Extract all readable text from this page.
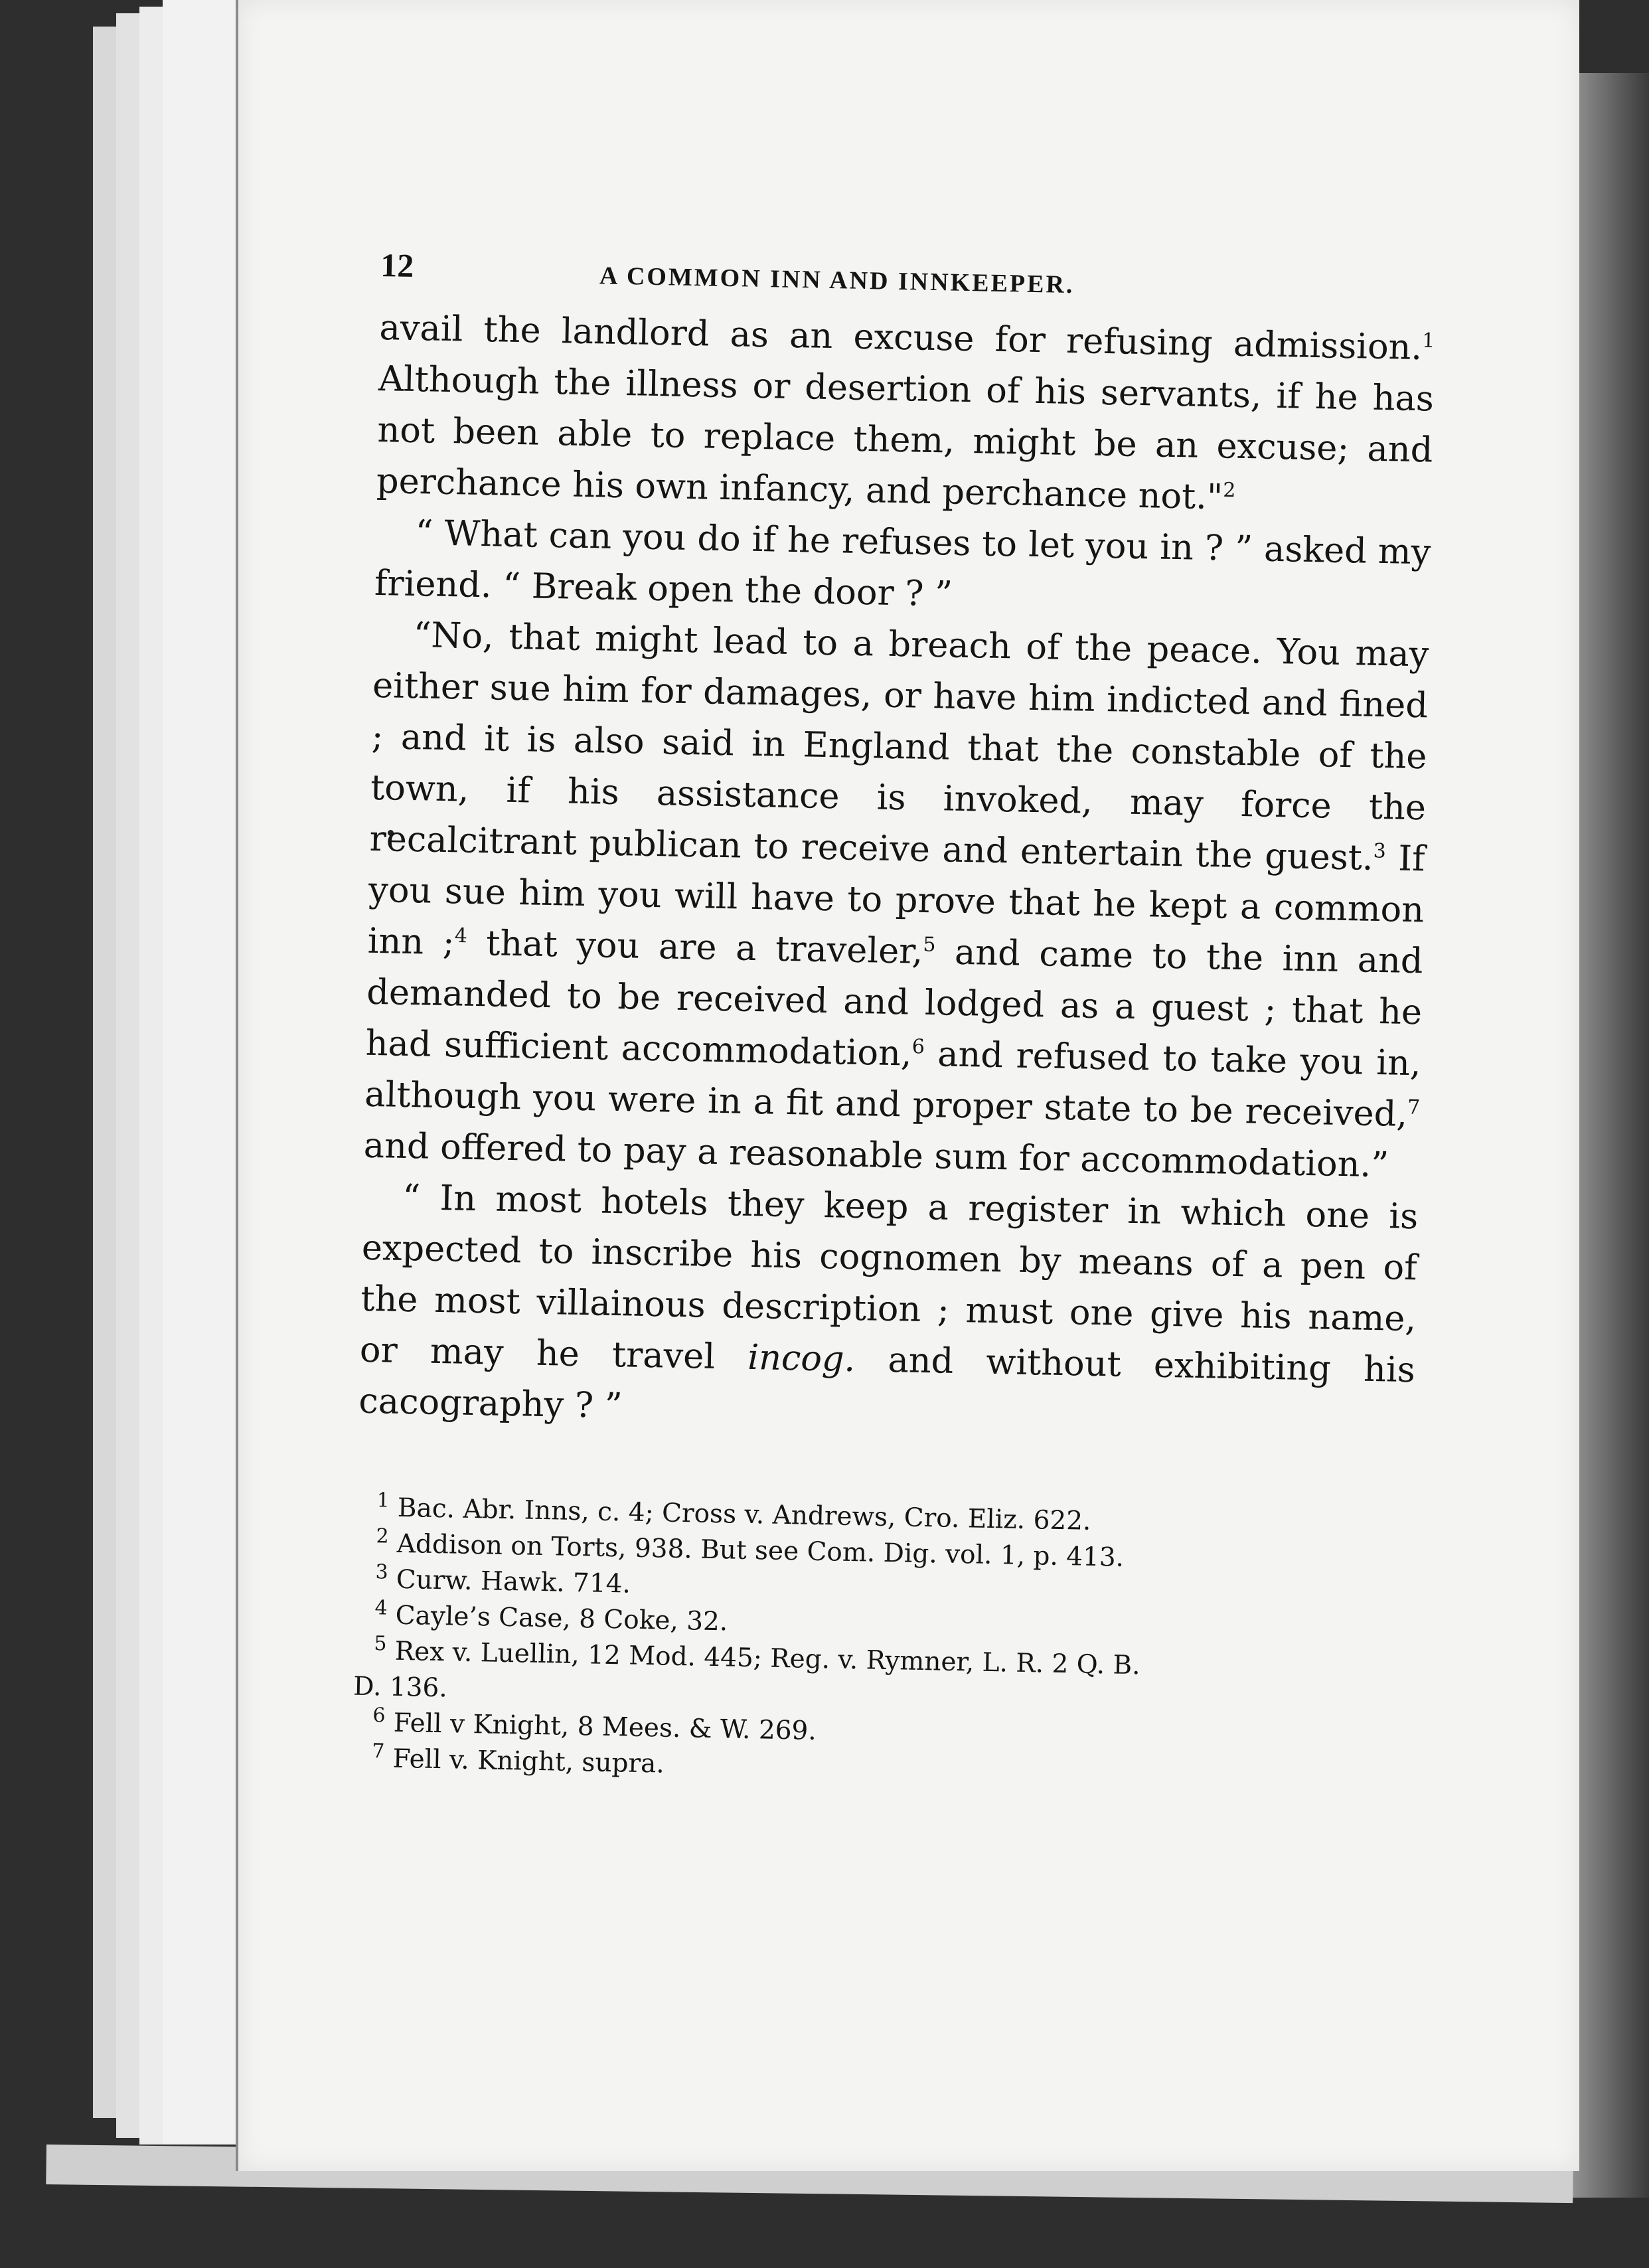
12	A COMMON INN AND INNKEEPER.

avail the landlord as an excuse for refusing admission.$^1$ Although the illness or desertion of his servants, if he has not been able to replace them, might be an excuse; and perchance his own infancy, and perchance not."$^2$

“ What can you do if he refuses to let you in ? ” asked my friend. “ Break open the door ? ”

“No, that might lead to a breach of the peace. You may either sue him for damages, or have him indicted and fined ; and it is also said in England that the constable of the town, if his assistance is invoked, may force the recalcitrant publican to receive and entertain the guest.$^3$ If you sue him you will have to prove that he kept a common inn ;$^4$ that you are a traveler,$^5$ and came to the inn and demanded to be received and lodged as a guest ; that he had sufficient accommodation,$^6$ and refused to take you in, although you were in a fit and proper state to be received,$^7$ and offered to pay a reasonable sum for accommodation.”

“ In most hotels they keep a register in which one is expected to inscribe his cognomen by means of a pen of the most villainous description ; must one give his name, or may he travel incog. and without exhibiting his cacography ? ”

$^1$ Bac. Abr. Inns, c. 4; Cross v. Andrews, Cro. Eliz. 622.

$^2$ Addison on Torts, 938. But see Com. Dig. vol. 1, p. 413.

$^3$ Curw. Hawk. 714.

$^4$ Cayle’s Case, 8 Coke, 32.

$^5$ Rex v. Luellin, 12 Mod. 445; Reg. v. Rymner, L. R. 2 Q. B.

D. 136.

$^6$ Fell v Knight, 8 Mees. & W. 269.

$^7$ Fell v. Knight, supra.
